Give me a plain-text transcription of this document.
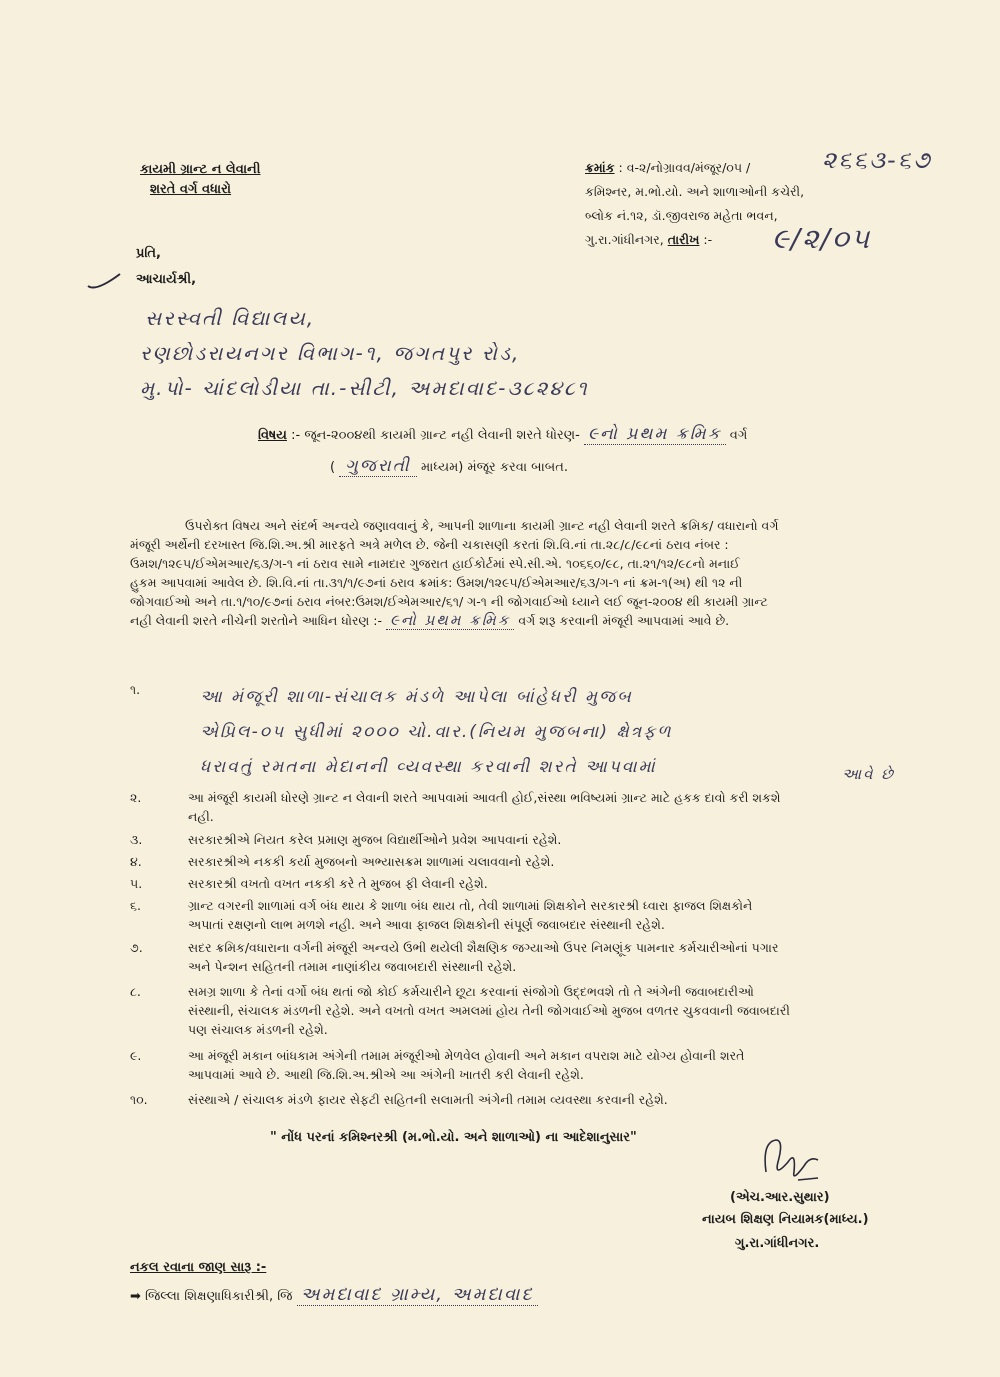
કાયમી ગ્રાન્ટ ન લેવાની
શરતે વર્ગ વધારો
ક્રમાંક : વ-૨/નોગ્રાવવ/મંજૂર/૦૫ /	૨૬૬૩-૬૭
કમિશ્નર, મ.ભો.યો. અને શાળાઓની કચેરી,
બ્લોક નં.૧૨, ડૉ.જીવરાજ મહેતા ભવન,
ગુ.રા.ગાંધીનગર, તારીખ :- ૯/૨/૦૫
પ્રતિ,
આચાર્યશ્રી,
સરસ્વતી વિદ્યાલય,
રણછોડરાયનગર વિભાગ-૧, જગતપુર રોડ,
મુ.પો- ચાંદલોડીયા તા.-સીટી, અમદાવાદ-૩૮૨૪૮૧
વિષય :- જૂન-૨૦૦૪થી કાયમી ગ્રાન્ટ નહી લેવાની શરતે ધોરણ- ૯નો પ્રથમ ક્રમિક વર્ગ
( ગુજરાતી માધ્યમ) મંજૂર કરવા બાબત.
ઉપરોક્ત વિષય અને સંદર્ભ અન્વયે જણાવવાનું કે, આપની શાળાના કાયમી ગ્રાન્ટ નહી લેવાની શરતે ક્રમિક/ વધારાનો વર્ગ
મંજૂરી અર્થેની દરખાસ્ત જિ.શિ.અ.શ્રી મારફતે અત્રે મળેલ છે. જેની ચકાસણી કરતાં શિ.વિ.નાં તા.૨૮/૮/૯૮નાં ઠરાવ નંબર :
ઉમશ/૧૨૯૫/ઈએમઆર/૬૩/ગ-૧ નાં ઠરાવ સામે નામદાર ગુજરાત હાઈકોર્ટમાં સ્પે.સી.એ. ૧૦૬૬૦/૯૮, તા.૨૧/૧૨/૯૮નો મનાઈ
હુકમ આપવામાં આવેલ છે. શિ.વિ.નાં તા.૩૧/૧/૯૭નાં ઠરાવ ક્રમાંક: ઉમશ/૧૨૯૫/ઈએમઆર/૬૩/ગ-૧ નાં ક્રમ-૧(અ) થી ૧૨ ની
જોગવાઈઓ અને તા.૧/૧૦/૯૭નાં ઠરાવ નંબર:ઉમશ/ઈએમઆર/૬૧/ ગ-૧ ની જોગવાઈઓ ધ્યાને લઈ જૂન-૨૦૦૪ થી કાયમી ગ્રાન્ટ
નહી લેવાની શરતે નીચેની શરતોને આધિન ધોરણ :- ૯નો પ્રથમ ક્રમિક વર્ગ શરૂ કરવાની મંજૂરી આપવામાં આવે છે.
૧.	આ મંજૂરી શાળા-સંચાલક મંડળે આપેલા બાંહેધરી મુજબ
એપ્રિલ-૦૫ સુધીમાં ૨૦૦૦ ચો.વાર.(નિયમ મુજબના) ક્ષેત્રફળ
ધરાવતું રમતના મેદાનની વ્યવસ્થા કરવાની શરતે આપવામાં	આવે છે
૨.	આ મંજૂરી કાયમી ધોરણે ગ્રાન્ટ ન લેવાની શરતે આપવામાં આવતી હોઈ,સંસ્થા ભવિષ્યમાં ગ્રાન્ટ માટે હકક દાવો કરી શકશે
નહી.
૩.	સરકારશ્રીએ નિયત કરેલ પ્રમાણ મુજબ વિદ્યાર્થીઓને પ્રવેશ આપવાનાં રહેશે.
૪.	સરકારશ્રીએ નકકી કર્યા મુજબનો અભ્યાસક્રમ શાળામાં ચલાવવાનો રહેશે.
૫.	સરકારશ્રી વખતો વખત નકકી કરે તે મુજબ ફી લેવાની રહેશે.
૬.	ગ્રાન્ટ વગરની શાળામાં વર્ગ બંધ થાય કે શાળા બંધ થાય તો, તેવી શાળામાં શિક્ષકોને સરકારશ્રી ધ્વારા ફાજલ શિક્ષકોને
અપાતાં રક્ષણનો લાભ મળશે નહી. અને આવા ફાજલ શિક્ષકોની સંપૂર્ણ જવાબદાર સંસ્થાની રહેશે.
૭.	સદર ક્રમિક/વધારાના વર્ગની મંજૂરી અન્વયે ઉભી થયેલી શૈક્ષણિક જગ્યાઓ ઉપર નિમણૂંક પામનાર કર્મચારીઓનાં પગાર
અને પેન્શન સહિતની તમામ નાણાંકીય જવાબદારી સંસ્થાની રહેશે.
૮.	સમગ્ર શાળા કે તેનાં વર્ગો બંધ થતાં જો કોઈ કર્મચારીને છૂટા કરવાનાં સંજોગો ઉદ્દભવશે તો તે અંગેની જવાબદારીઓ
સંસ્થાની, સંચાલક મંડળની રહેશે. અને વખતો વખત અમલમાં હોય તેની જોગવાઈઓ મુજબ વળતર ચુકવવાની જવાબદારી
પણ સંચાલક મંડળની રહેશે.
૯.	આ મંજૂરી મકાન બાંધકામ અંગેની તમામ મંજૂરીઓ મેળવેલ હોવાની અને મકાન વપરાશ માટે યોગ્ય હોવાની શરતે
આપવામાં આવે છે. આથી જિ.શિ.અ.શ્રીએ આ અંગેની ખાતરી કરી લેવાની રહેશે.
૧૦.	સંસ્થાએ / સંચાલક મંડળે ફાયર સેફટી સહિતની સલામતી અંગેની તમામ વ્યવસ્થા કરવાની રહેશે.
" નોંધ પરનાં કમિશ્નરશ્રી (મ.ભો.યો. અને શાળાઓ) ના આદેશાનુસાર"
(એચ.આર.સુથાર)
નાયબ શિક્ષણ નિયામક(માધ્ય.)
ગુ.રા.ગાંધીનગર.
નકલ રવાના જાણ સારૂ :-
➡ જિલ્લા શિક્ષણાધિકારીશ્રી, જિ અમદાવાદ ગ્રામ્ય, અમદાવાદ
